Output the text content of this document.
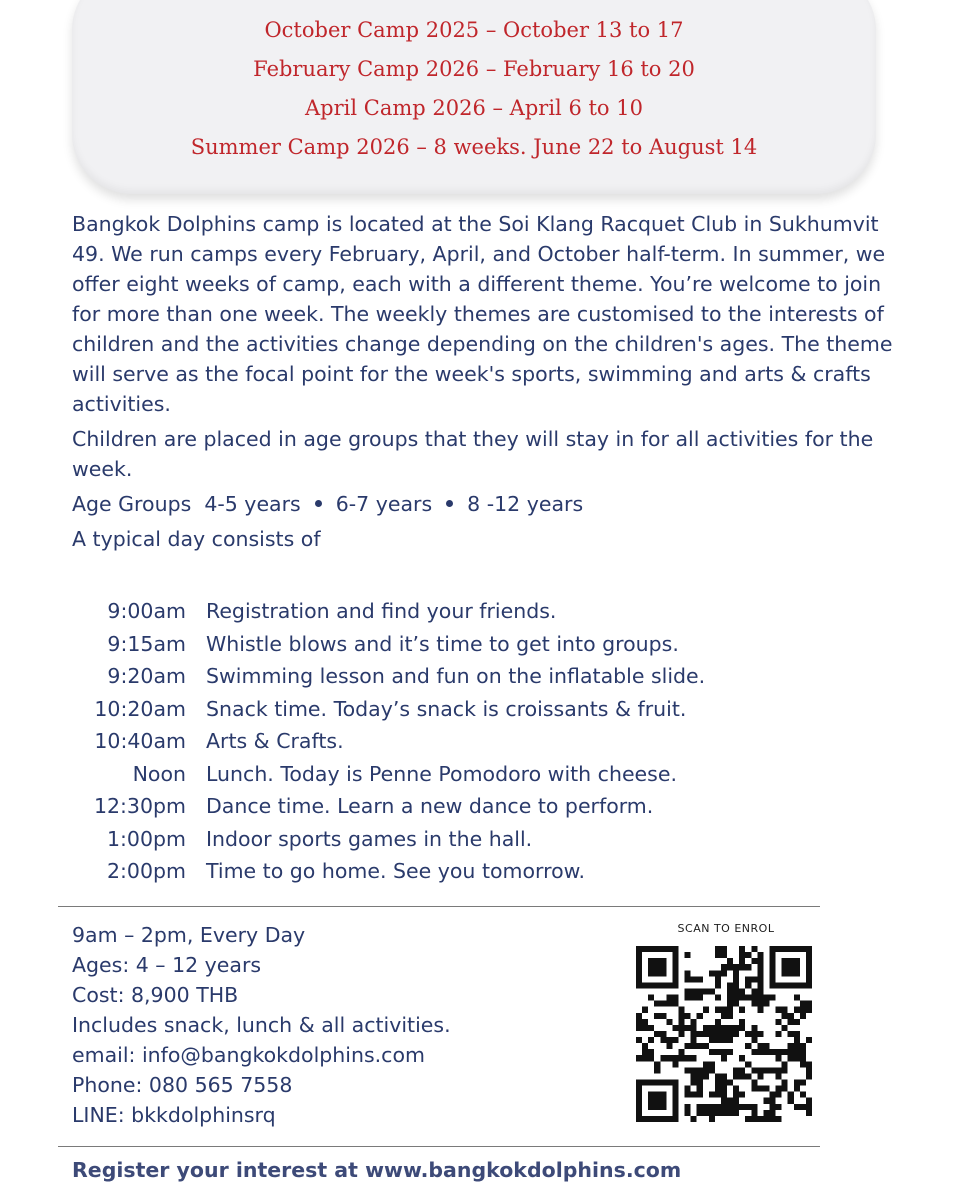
October Camp 2025 – October 13 to 17
February Camp 2026 – February 16 to 20
April Camp 2026 – April 6 to 10
Summer Camp 2026 – 8 weeks. June 22 to August 14

Bangkok Dolphins camp is located at the Soi Klang Racquet Club in Sukhumvit 49. We run camps every February, April, and October half-term. In summer, we offer eight weeks of camp, each with a different theme. You’re welcome to join for more than one week. The weekly themes are customised to the interests of children and the activities change depending on the children's ages. The theme will serve as the focal point for the week's sports, swimming and arts & crafts activities.

Children are placed in age groups that they will stay in for all activities for the week.

Age Groups 4-5 years 6-7 years 8 -12 years

A typical day consists of

9:00am Registration and find your friends.
9:15am Whistle blows and it’s time to get into groups.
9:20am Swimming lesson and fun on the inflatable slide.
10:20am Snack time. Today’s snack is croissants & fruit.
10:40am Arts & Crafts.
Noon Lunch. Today is Penne Pomodoro with cheese.
12:30pm Dance time. Learn a new dance to perform.
1:00pm Indoor sports games in the hall.
2:00pm Time to go home. See you tomorrow.
9am – 2pm, Every Day
Ages: 4 – 12 years
Cost: 8,900 THB
Includes snack, lunch & all activities.
email: info@bangkokdolphins.com
Phone: 080 565 7558
LINE: bkkdolphinsrq
SCAN TO ENROL
Register your interest at www.bangkokdolphins.com
